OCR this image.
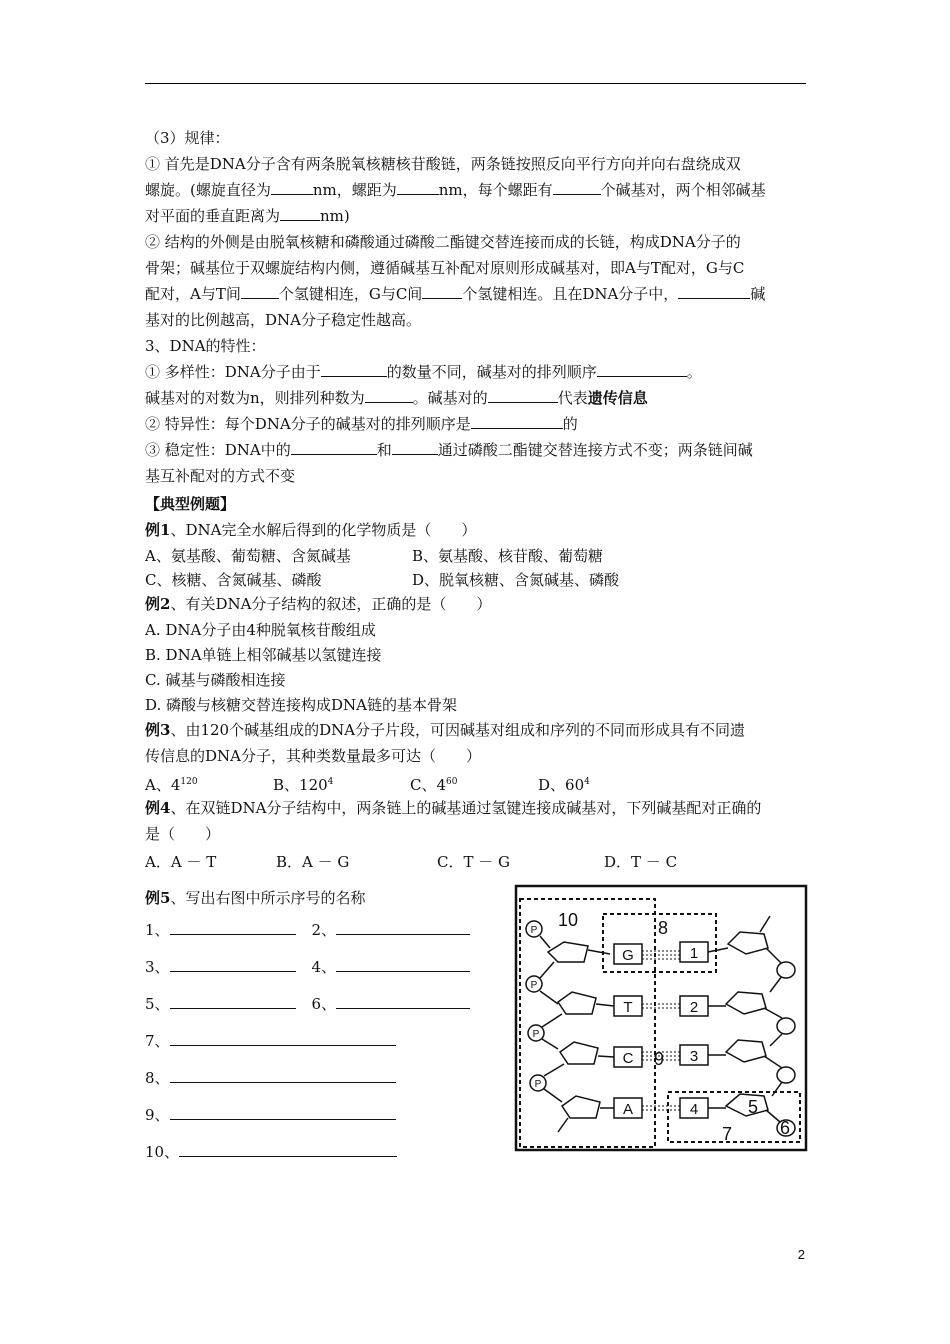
（3）规律：
① 首先是DNA分子含有两条脱氧核糖核苷酸链，两条链按照反向平行方向并向右盘绕成双
螺旋。(螺旋直径为	nm，螺距为	nm，每个螺距有	个碱基对，两个相邻碱基
对平面的垂直距离为	nm)
② 结构的外侧是由脱氧核糖和磷酸通过磷酸二酯键交替连接而成的长链，构成DNA分子的
骨架；碱基位于双螺旋结构内侧，遵循碱基互补配对原则形成碱基对，即A与T配对，G与C
配对，A与T间	个氢键相连，G与C间	个氢键相连。且在DNA分子中，	碱
基对的比例越高，DNA分子稳定性越高。
3、DNA的特性：
① 多样性：DNA分子由于	的数量不同，碱基对的排列顺序	。
碱基对的对数为n，则排列种数为	。碱基对的	代表遗传信息
② 特异性：每个DNA分子的碱基对的排列顺序是	的
③ 稳定性：DNA中的	和	通过磷酸二酯键交替连接方式不变；两条链间碱
基互补配对的方式不变
【典型例题】
例1、DNA完全水解后得到的化学物质是（　　）
A、氨基酸、葡萄糖、含氮碱基	B、氨基酸、核苷酸、葡萄糖
C、核糖、含氮碱基、磷酸	D、脱氧核糖、含氮碱基、磷酸
例2、有关DNA分子结构的叙述，正确的是（　　）
A. DNA分子由4种脱氧核苷酸组成
B. DNA单链上相邻碱基以氢键连接
C. 碱基与磷酸相连接
D. 磷酸与核糖交替连接构成DNA链的基本骨架
例3、由120个碱基组成的DNA分子片段，可因碱基对组成和序列的不同而形成具有不同遗
传信息的DNA分子，其种类数量最多可达（　　）
A、$4^{120}$	B、$120^4$	C、$4^{60}$	D、$60^4$
例4、在双链DNA分子结构中，两条链上的碱基通过氢键连接成碱基对，下列碱基配对正确的
是（　　）
A．A － T	B．A － G	C．T － G	D．T － C
例5、写出右图中所示序号的名称
1、	2、
3、	4、
5、	6、
7、
8、
9、
10、
P
P
P
P
G
T
C
A
1
2
3
4
10	8
9
5
7	6
2
